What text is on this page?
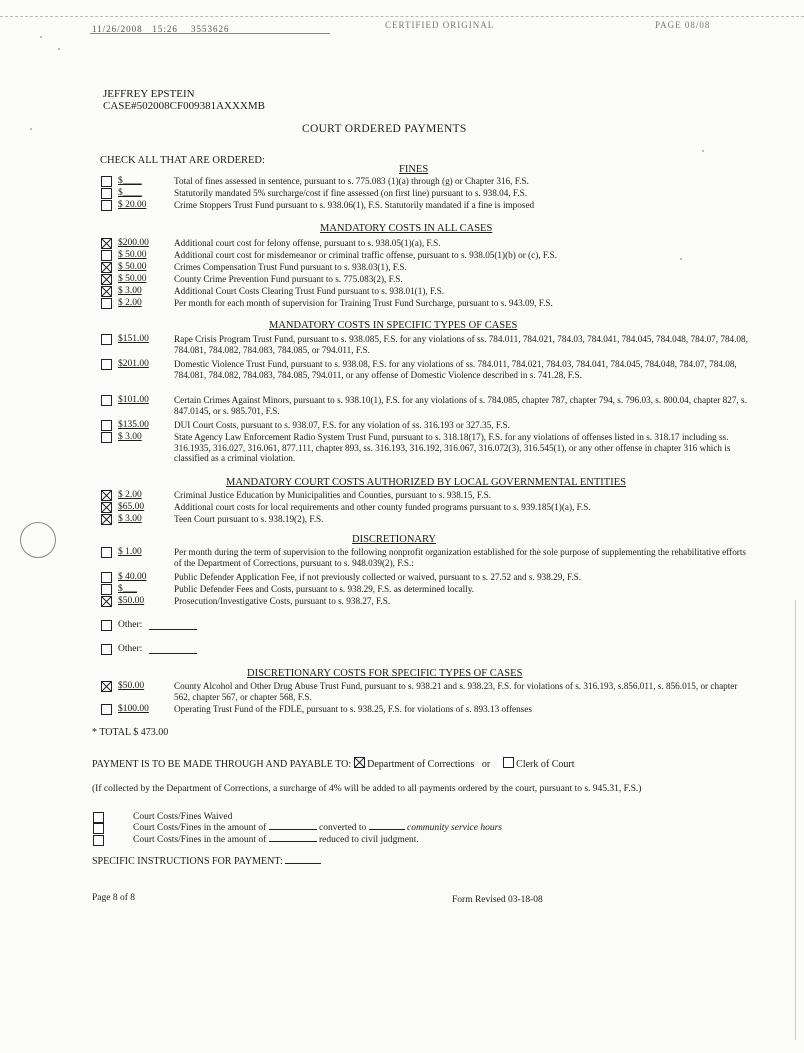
11/26/2008 15:26 3553626	CERTIFIED ORIGINAL	PAGE 08/08
JEFFREY EPSTEIN
CASE#502008CF009381AXXXMB
COURT ORDERED PAYMENTS
CHECK ALL THAT ARE ORDERED:
FINES
MANDATORY COSTS IN ALL CASES
MANDATORY COSTS IN SPECIFIC TYPES OF CASES
MANDATORY COURT COSTS AUTHORIZED BY LOCAL GOVERNMENTAL ENTITIES
DISCRETIONARY
DISCRETIONARY COSTS FOR SPECIFIC TYPES OF CASES
$____	Total of fines assessed in sentence, pursuant to s. 775.083 (1)(a) through (g) or Chapter 316, F.S.
$____	Statutorily mandated 5% surcharge/cost if fine assessed (on first line) pursuant to s. 938.04, F.S.
$ 20.00	Crime Stoppers Trust Fund pursuant to s. 938.06(1), F.S. Statutorily mandated if a fine is imposed
$200.00	Additional court cost for felony offense, pursuant to s. 938.05(1)(a), F.S.
$ 50.00	Additional court cost for misdemeanor or criminal traffic offense, pursuant to s. 938.05(1)(b) or (c), F.S.
$ 50.00	Crimes Compensation Trust Fund pursuant to s. 938.03(1), F.S.
$ 50.00	County Crime Prevention Fund pursuant to s. 775.083(2), F.S.
$ 3.00	Additional Court Costs Clearing Trust Fund pursuant to s. 938.01(1), F.S.
$ 2.00	Per month for each month of supervision for Training Trust Fund Surcharge, pursuant to s. 943.09, F.S.
$151.00	Rape Crisis Program Trust Fund, pursuant to s. 938.085, F.S. for any violations of ss. 784.011, 784.021, 784.03, 784.041, 784.045, 784.048, 784.07, 784.08, 784.081, 784.082, 784.083, 784.085, or 794.011, F.S.
$201.00	Domestic Violence Trust Fund, pursuant to s. 938.08, F.S. for any violations of ss. 784.011, 784.021, 784.03, 784.041, 784.045, 784.048, 784.07, 784.08, 784.081, 784.082, 784.083, 784.085, 794.011, or any offense of Domestic Violence described in s. 741.28, F.S.
$101.00	Certain Crimes Against Minors, pursuant to s. 938.10(1), F.S. for any violations of s. 784.085, chapter 787, chapter 794, s. 796.03, s. 800.04, chapter 827, s. 847.0145, or s. 985.701, F.S.
$135.00	DUI Court Costs, pursuant to s. 938.07, F.S. for any violation of ss. 316.193 or 327.35, F.S.
$ 3.00	State Agency Law Enforcement Radio System Trust Fund, pursuant to s. 318.18(17), F.S. for any violations of offenses listed in s. 318.17 including ss. 316.1935, 316.027, 316.061, 877.111, chapter 893, ss. 316.193, 316.192, 316.067, 316.072(3), 316.545(1), or any other offense in chapter 316 which is classified as a criminal violation.
$ 2.00	Criminal Justice Education by Municipalities and Counties, pursuant to s. 938.15, F.S.
$65.00	Additional court costs for local requirements and other county funded programs pursuant to s. 939.185(1)(a), F.S.
$ 3.00	Teen Court pursuant to s. 938.19(2), F.S.
$ 1.00	Per month during the term of supervision to the following nonprofit organization established for the sole purpose of supplementing the rehabilitative efforts of the Department of Corrections, pursuant to s. 948.039(2), F.S.:
$ 40.00	Public Defender Application Fee, if not previously collected or waived, pursuant to s. 27.52 and s. 938.29, F.S.
$___	Public Defender Fees and Costs, pursuant to s. 938.29, F.S. as determined locally.
$50.00	Prosecution/Investigative Costs, pursuant to s. 938.27, F.S.
Other:
Other:
$50.00	County Alcohol and Other Drug Abuse Trust Fund, pursuant to s. 938.21 and s. 938.23, F.S. for violations of s. 316.193, s.856.011, s. 856.015, or chapter 562, chapter 567, or chapter 568, F.S.
$100.00	Operating Trust Fund of the FDLE, pursuant to s. 938.25, F.S. for violations of s. 893.13 offenses
* TOTAL $ 473.00
PAYMENT IS TO BE MADE THROUGH AND PAYABLE TO: Department of Corrections or	Clerk of Court
(If collected by the Department of Corrections, a surcharge of 4% will be added to all payments ordered by the court, pursuant to s. 945.31, F.S.)
Court Costs/Fines Waived
Court Costs/Fines in the amount of	converted to	community service hours
Court Costs/Fines in the amount of	reduced to civil judgment.
SPECIFIC INSTRUCTIONS FOR PAYMENT:
Page 8 of 8	Form Revised 03-18-08
